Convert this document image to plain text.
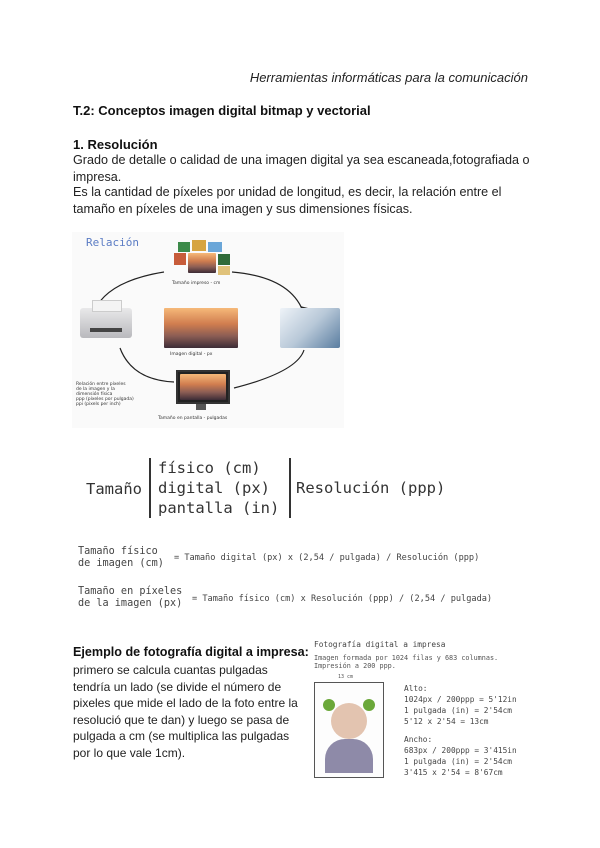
Herramientas informáticas para la comunicación
T.2: Conceptos imagen digital bitmap y vectorial
1. Resolución
Grado de detalle o calidad de una imagen digital ya sea escaneada,fotografiada o
impresa.
Es la cantidad de píxeles por unidad de longitud, es decir, la relación entre el
tamaño en píxeles de una imagen y sus dimensiones físicas.
Relación
Tamaño impreso - cm
Imagen digital - px
Relación entre píxeles
de la imagen y la
dimensión física
ppp (píxeles por pulgada)
ppi (pixels per inch)
Tamaño en pantalla - pulgadas
Tamaño
físico (cm)
digital (px)
pantalla (in)
Resolución (ppp)
Tamaño físico
de imagen (cm) = Tamaño digital (px) x (2,54 / pulgada) / Resolución (ppp)
Tamaño en píxeles
de la imagen (px) = Tamaño físico (cm) x Resolución (ppp) / (2,54 / pulgada)
Ejemplo de fotografía digital a impresa:
primero se calcula cuantas pulgadas
tendría un lado (se divide el número de
pixeles que mide el lado de la foto entre la
resolució que te dan) y luego se pasa de
pulgada a cm (se multiplica las pulgadas
por lo que vale 1cm).
Fotografía digital a impresa
Imagen formada por 1024 filas y 683 columnas.
Impresión a 200 ppp.
13 cm
Alto:
1024px / 200ppp = 5'12in
1 pulgada (in) = 2'54cm
5'12 x 2'54 = 13cm
Ancho:
683px / 200ppp = 3'415in
1 pulgada (in) = 2'54cm
3'415 x 2'54 = 8'67cm
